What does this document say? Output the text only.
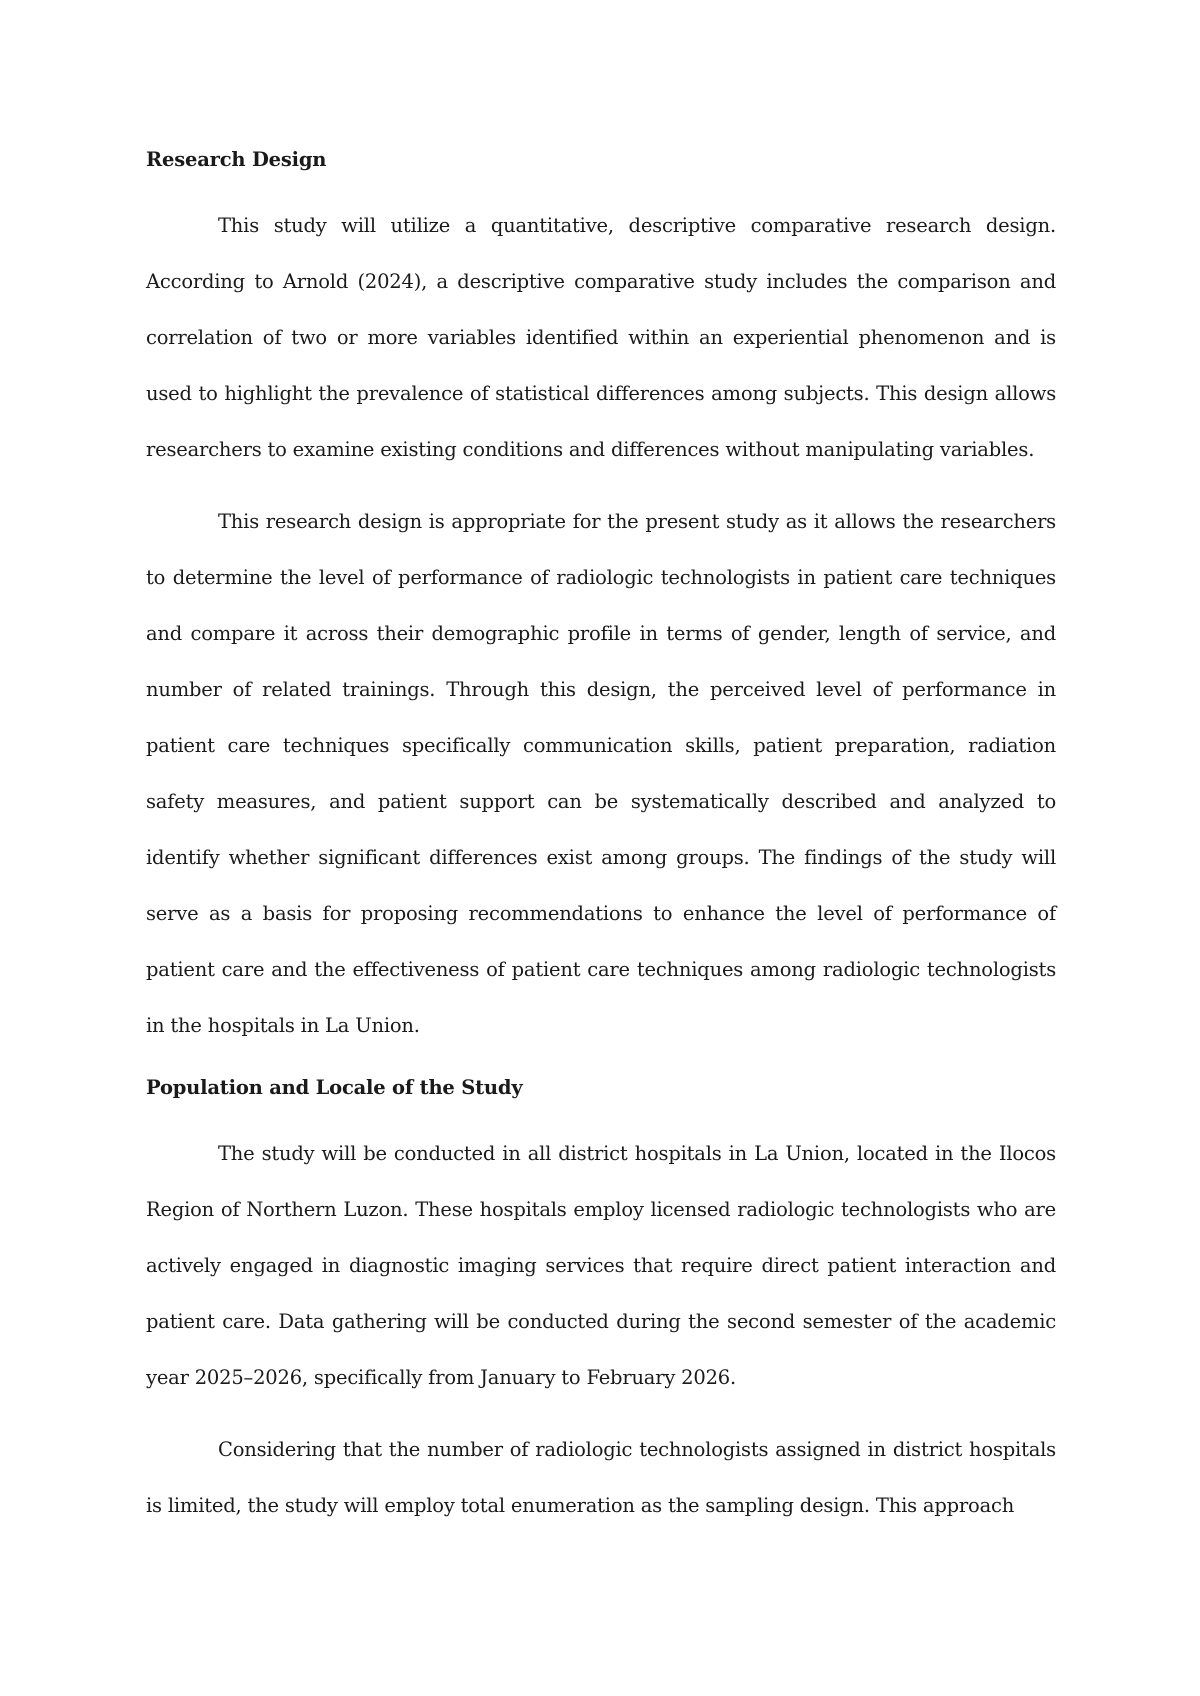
Research Design

This study will utilize a quantitative, descriptive comparative research design. According to Arnold (2024), a descriptive comparative study includes the comparison and correlation of two or more variables identified within an experiential phenomenon and is used to highlight the prevalence of statistical differences among subjects. This design allows researchers to examine existing conditions and differences without manipulating variables.

This research design is appropriate for the present study as it allows the researchers to determine the level of performance of radiologic technologists in patient care techniques and compare it across their demographic profile in terms of gender, length of service, and number of related trainings. Through this design, the perceived level of performance in patient care techniques specifically communication skills, patient preparation, radiation safety measures, and patient support can be systematically described and analyzed to identify whether significant differences exist among groups. The findings of the study will serve as a basis for proposing recommendations to enhance the level of performance of patient care and the effectiveness of patient care techniques among radiologic technologists in the hospitals in La Union.

Population and Locale of the Study

The study will be conducted in all district hospitals in La Union, located in the Ilocos Region of Northern Luzon. These hospitals employ licensed radiologic technologists who are actively engaged in diagnostic imaging services that require direct patient interaction and patient care. Data gathering will be conducted during the second semester of the academic year 2025–2026, specifically from January to February 2026.

Considering that the number of radiologic technologists assigned in district hospitals is limited, the study will employ total enumeration as the sampling design. This approach
